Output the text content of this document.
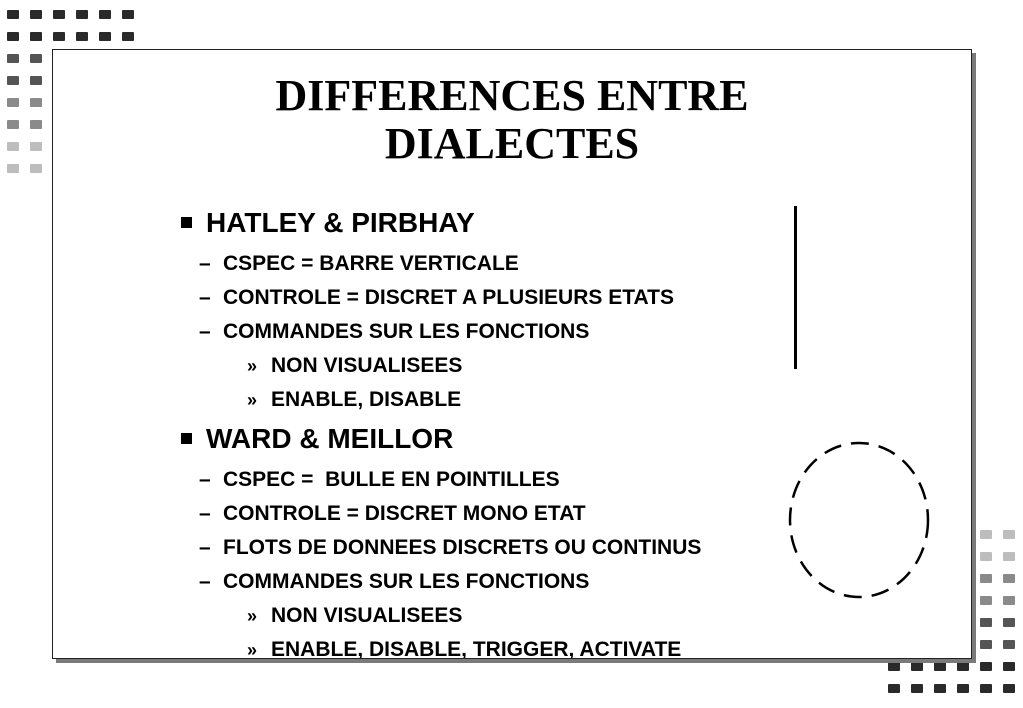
DIFFERENCES ENTRE
DIALECTES
HATLEY & PIRBHAY
– CSPEC = BARRE VERTICALE
– CONTROLE = DISCRET A PLUSIEURS ETATS
– COMMANDES SUR LES FONCTIONS
» NON VISUALISEES
» ENABLE, DISABLE
WARD & MEILLOR
– CSPEC =  BULLE EN POINTILLES
– CONTROLE = DISCRET MONO ETAT
– FLOTS DE DONNEES DISCRETS OU CONTINUS
– COMMANDES SUR LES FONCTIONS
» NON VISUALISEES
» ENABLE, DISABLE, TRIGGER, ACTIVATE
